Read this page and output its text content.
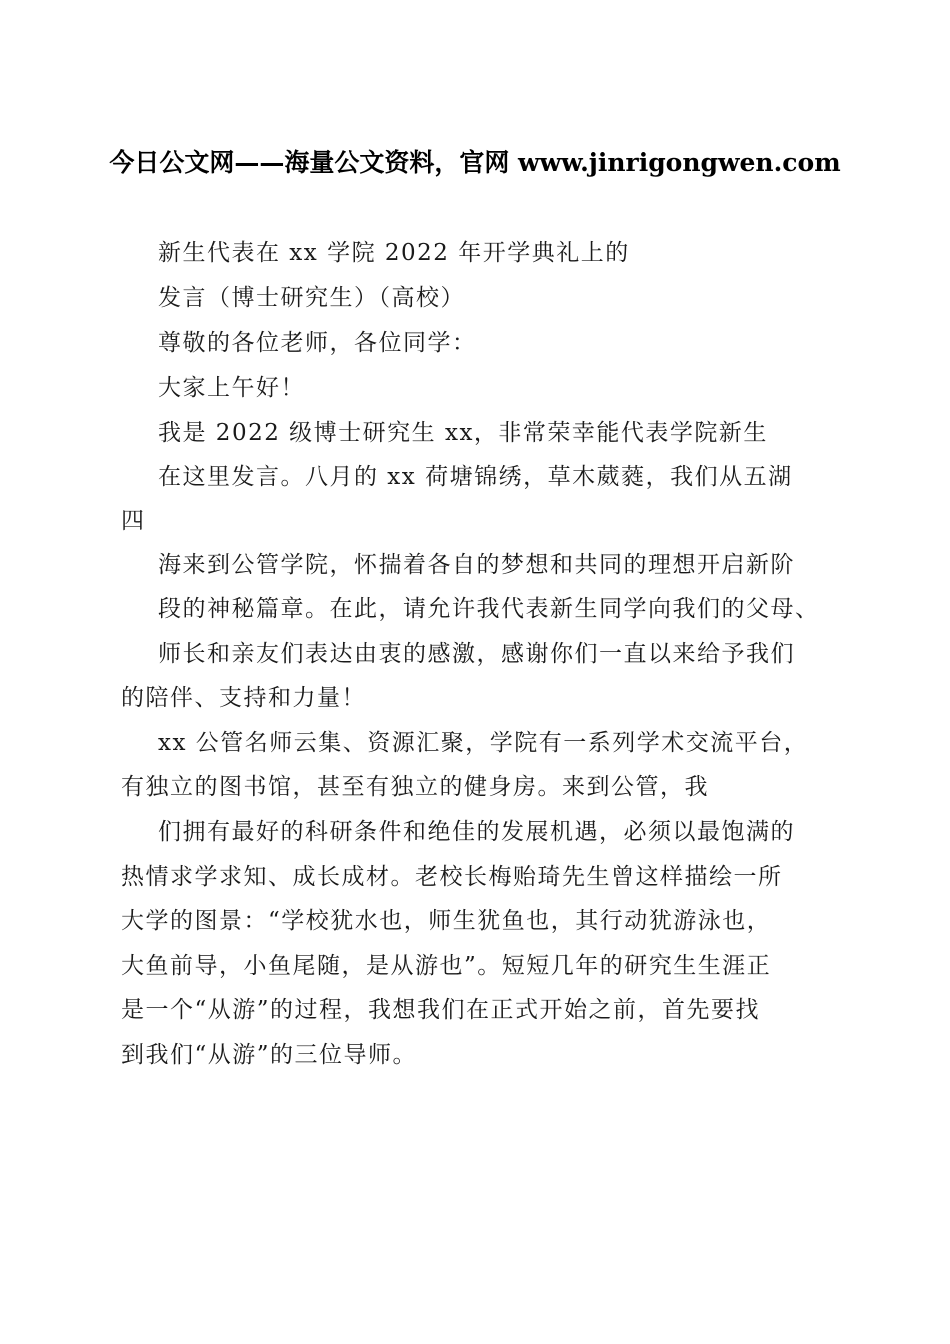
今日公文网——海量公文资料，官网 www.jinrigongwen.com
新生代表在 xx 学院 2022 年开学典礼上的
发言（博士研究生）（高校）
尊敬的各位老师，各位同学：
大家上午好！
我是 2022 级博士研究生 xx，非常荣幸能代表学院新生
在这里发言。八月的 xx 荷塘锦绣，草木葳蕤，我们从五湖
四
海来到公管学院，怀揣着各自的梦想和共同的理想开启新阶
段的神秘篇章。在此，请允许我代表新生同学向我们的父母、
师长和亲友们表达由衷的感激，感谢你们一直以来给予我们
的陪伴、支持和力量！
xx 公管名师云集、资源汇聚，学院有一系列学术交流平台，
有独立的图书馆，甚至有独立的健身房。来到公管，我
们拥有最好的科研条件和绝佳的发展机遇，必须以最饱满的
热情求学求知、成长成材。老校长梅贻琦先生曾这样描绘一所
大学的图景：“学校犹水也，师生犹鱼也，其行动犹游泳也，
大鱼前导，小鱼尾随，是从游也”。短短几年的研究生生涯正
是一个“从游”的过程，我想我们在正式开始之前，首先要找
到我们“从游”的三位导师。
